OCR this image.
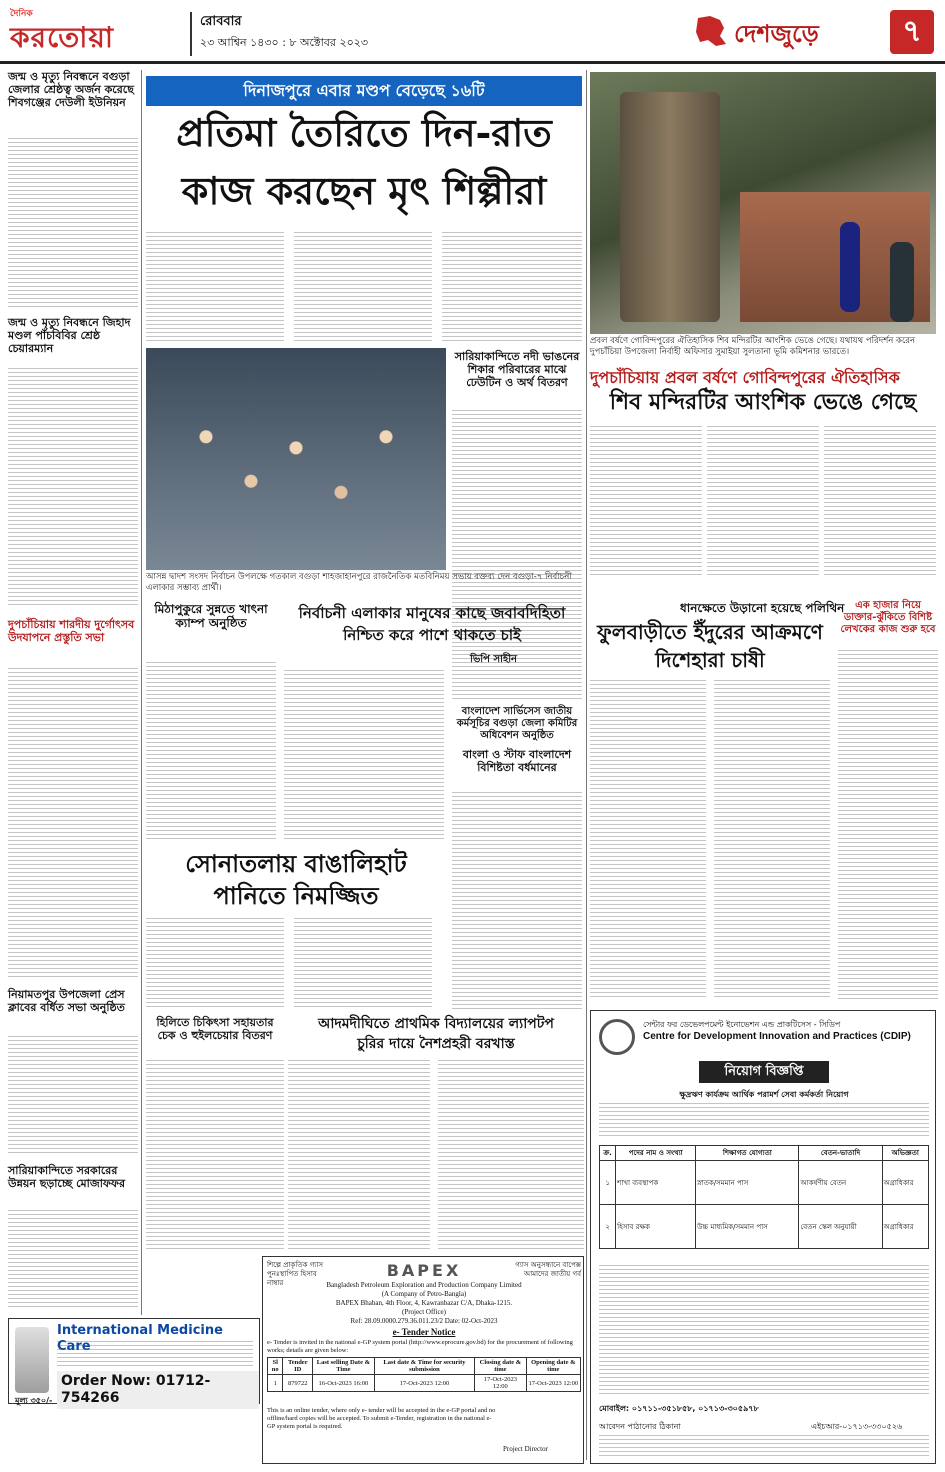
দৈনিক
করতোয়া	রোববার
২৩ আশ্বিন ১৪৩০ : ৮ অক্টোবর ২০২৩	দেশজুড়ে	৭
জন্ম ও মৃত্যু নিবন্ধনে বগুড়া জেলার শ্রেষ্ঠত্ব অর্জন করেছে শিবগঞ্জের দেউলী ইউনিয়ন
জন্ম ও মৃত্যু নিবন্ধনে জিহাদ মণ্ডল পাঁচবিবির শ্রেষ্ঠ চেয়ারম্যান
দুপচাঁচিয়ায় শারদীয় দুর্গোৎসব উদযাপনে প্রস্তুতি সভা
নিয়ামতপুর উপজেলা প্রেস ক্লাবের বর্ধিত সভা অনুষ্ঠিত
সারিয়াকান্দিতে সরকারের উন্নয়ন ছড়াচ্ছে মোজাফফর
International Medicine Care
Order Now: 01712-754266
মূল্য ৩৫০/-
দিনাজপুরে এবার মণ্ডপ বেড়েছে ১৬টি
প্রতিমা তৈরিতে দিন-রাত
কাজ করছেন মৃৎ শিল্পীরা
প্রবল বর্ষণে গোবিন্দপুরের ঐতিহাসিক শিব মন্দিরটির আংশিক ভেঙে গেছে। যথাযথ পরিদর্শন করেন দুপচাঁচিয়া উপজেলা নির্বাহী অফিসার সুমাইয়া সুলতানা ভূমি কমিশনার ভারতে।
দুপচাঁচিয়ায় প্রবল বর্ষণে গোবিন্দপুরের ঐতিহাসিক
শিব মন্দিরটির আংশিক ভেঙে গেছে
আসন্ন দ্বাদশ সংসদ নির্বাচন উপলক্ষে গতকাল বগুড়া শাহজাহানপুরে রাজনৈতিক মতবিনিময় সভায় বক্তব্য দেন বগুড়া-৭ নির্বাচনী এলাকার সম্ভাব্য প্রার্থী।
সারিয়াকান্দিতে নদী ভাঙনের শিকার পরিবারের মাঝে ঢেউটিন ও অর্থ বিতরণ
মিঠাপুকুরে সুন্নতে খাৎনা ক্যাম্প অনুষ্ঠিত
নির্বাচনী এলাকার মানুষের কাছে জবাবদিহিতা
নিশ্চিত করে পাশে থাকতে চাই
ভিপি সাহীন
সোনাতলায় বাঙালিহাট
পানিতে নিমজ্জিত
হিলিতে চিকিৎসা সহায়তার চেক ও হুইলচেয়ার বিতরণ
আদমদীঘিতে প্রাথমিক বিদ্যালয়ের ল্যাপটপ
চুরির দায়ে নৈশপ্রহরী বরখাস্ত
বাংলাদেশ সার্ভিসেস জাতীয় কর্মসূচির বগুড়া জেলা কমিটির অধিবেশন অনুষ্ঠিত
বাংলা ও স্টাফ বাংলাদেশ বিশিষ্টতা বর্ধমানের
ধানক্ষেতে উড়ানো হয়েছে পলিথিন
ফুলবাড়ীতে ইঁদুরের আক্রমণে
দিশেহারা চাষী
এক হাজার নিয়ে ডাক্তার-ঝুঁকিতে বিশিষ্ট লেখকের কাজ শুরু হবে
শিল্পে প্রাকৃতিক গ্যাস পুনঃস্থাপিত হিসাব নাম্বার
গ্যাস অনুসন্ধানে বাপেক্স আমাদের জাতীয় গর্ব
BAPEX
Bangladesh Petroleum Exploration and Production Company Limited
(A Company of Petro-Bangla)
BAPEX Bhaban, 4th Floor, 4, Kawranbazar C/A, Dhaka-1215.
(Project Office)
Ref: 28.09.0000.279.36.011.23/2 Date: 02-Oct-2023
e- Tender Notice
e- Tender is invited in the national e-GP system portal (http://www.eprocure.gov.bd) for the procurement of following works; details are given below:
Sl no	Tender ID	Last selling Date & Time	Last date & Time for security submission	Closing date & time	Opening date & time
1	879722	16-Oct-2023 16:00	17-Oct-2023 12:00	17-Oct-2023 12:00	17-Oct-2023 12:00
This is an online tender, where only e- tender will be accepted in the e-GP portal and no offline/hard copies will be accepted. To submit e-Tender, registration in the national e-GP system portal is required.
Project Director
সেন্টার ফর ডেভেলপমেন্ট ইনোভেশন এন্ড প্রাকটিসেস - সিডিপ
Centre for Development Innovation and Practices (CDIP)
নিয়োগ বিজ্ঞপ্তি
ক্ষুদ্রঋণ কার্যক্রম আর্থিক পরামর্শ সেবা কর্মকর্তা নিয়োগ
ক্র.	পদের নাম ও সংখ্যা	শিক্ষাগত যোগ্যতা	বেতন-ভাতাদি	অভিজ্ঞতা
১	শাখা ব্যবস্থাপক	স্নাতক/সমমান পাস	আকর্ষণীয় বেতন	অগ্রাধিকার
২	হিসাব রক্ষক	উচ্চ মাধ্যমিক/সমমান পাস	বেতন স্কেল অনুযায়ী	অগ্রাধিকার
মোবাইল: ০১৭১১-৩৫১৮৫৮, ০১৭১৩-৩০৫৯৭৮
আবেদন পাঠানোর ঠিকানা	এইচআর-০১৭১৩-৩৩০৫২৬
